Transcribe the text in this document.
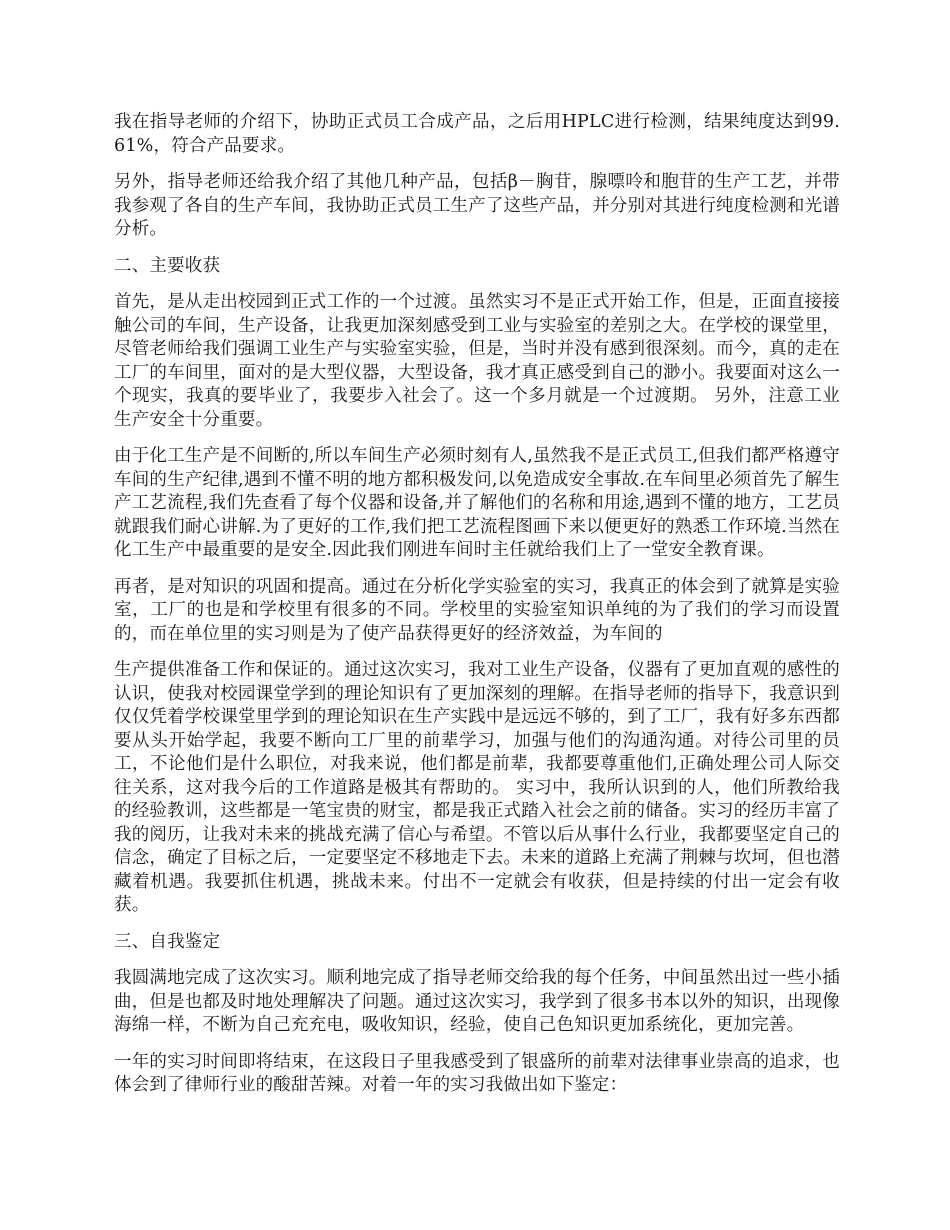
我在指导老师的介绍下，协助正式员工合成产品，之后用HPLC进行检测，结果纯度达到99.61%，符合产品要求。

另外，指导老师还给我介绍了其他几种产品，包括β－胸苷，腺嘌呤和胞苷的生产工艺，并带我参观了各自的生产车间，我协助正式员工生产了这些产品，并分别对其进行纯度检测和光谱分析。

二、主要收获

首先，是从走出校园到正式工作的一个过渡。虽然实习不是正式开始工作，但是，正面直接接触公司的车间，生产设备，让我更加深刻感受到工业与实验室的差别之大。在学校的课堂里，尽管老师给我们强调工业生产与实验室实验，但是，当时并没有感到很深刻。而今，真的走在工厂的车间里，面对的是大型仪器，大型设备，我才真正感受到自己的渺小。我要面对这么一个现实，我真的要毕业了，我要步入社会了。这一个多月就是一个过渡期。 另外，注意工业生产安全十分重要。

由于化工生产是不间断的,所以车间生产必须时刻有人,虽然我不是正式员工,但我们都严格遵守车间的生产纪律,遇到不懂不明的地方都积极发问,以免造成安全事故.在车间里必须首先了解生产工艺流程,我们先查看了每个仪器和设备,并了解他们的名称和用途,遇到不懂的地方，工艺员就跟我们耐心讲解.为了更好的工作,我们把工艺流程图画下来以便更好的熟悉工作环境.当然在化工生产中最重要的是安全.因此我们刚进车间时主任就给我们上了一堂安全教育课。

再者，是对知识的巩固和提高。通过在分析化学实验室的实习，我真正的体会到了就算是实验室，工厂的也是和学校里有很多的不同。学校里的实验室知识单纯的为了我们的学习而设置的，而在单位里的实习则是为了使产品获得更好的经济效益，为车间的

生产提供准备工作和保证的。通过这次实习，我对工业生产设备，仪器有了更加直观的感性的认识，使我对校园课堂学到的理论知识有了更加深刻的理解。在指导老师的指导下，我意识到仅仅凭着学校课堂里学到的理论知识在生产实践中是远远不够的，到了工厂，我有好多东西都要从头开始学起，我要不断向工厂里的前辈学习，加强与他们的沟通沟通。对待公司里的员工，不论他们是什么职位，对我来说，他们都是前辈，我都要尊重他们,正确处理公司人际交往关系，这对我今后的工作道路是极其有帮助的。 实习中，我所认识到的人，他们所教给我的经验教训，这些都是一笔宝贵的财宝，都是我正式踏入社会之前的储备。实习的经历丰富了我的阅历，让我对未来的挑战充满了信心与希望。不管以后从事什么行业，我都要坚定自己的信念，确定了目标之后，一定要坚定不移地走下去。未来的道路上充满了荆棘与坎坷，但也潜藏着机遇。我要抓住机遇，挑战未来。付出不一定就会有收获，但是持续的付出一定会有收获。

三、自我鉴定

我圆满地完成了这次实习。顺利地完成了指导老师交给我的每个任务，中间虽然出过一些小插曲，但是也都及时地处理解决了问题。通过这次实习，我学到了很多书本以外的知识，出现像海绵一样，不断为自己充充电，吸收知识，经验，使自己色知识更加系统化，更加完善。

一年的实习时间即将结束，在这段日子里我感受到了银盛所的前辈对法律事业崇高的追求，也体会到了律师行业的酸甜苦辣。对着一年的实习我做出如下鉴定：
